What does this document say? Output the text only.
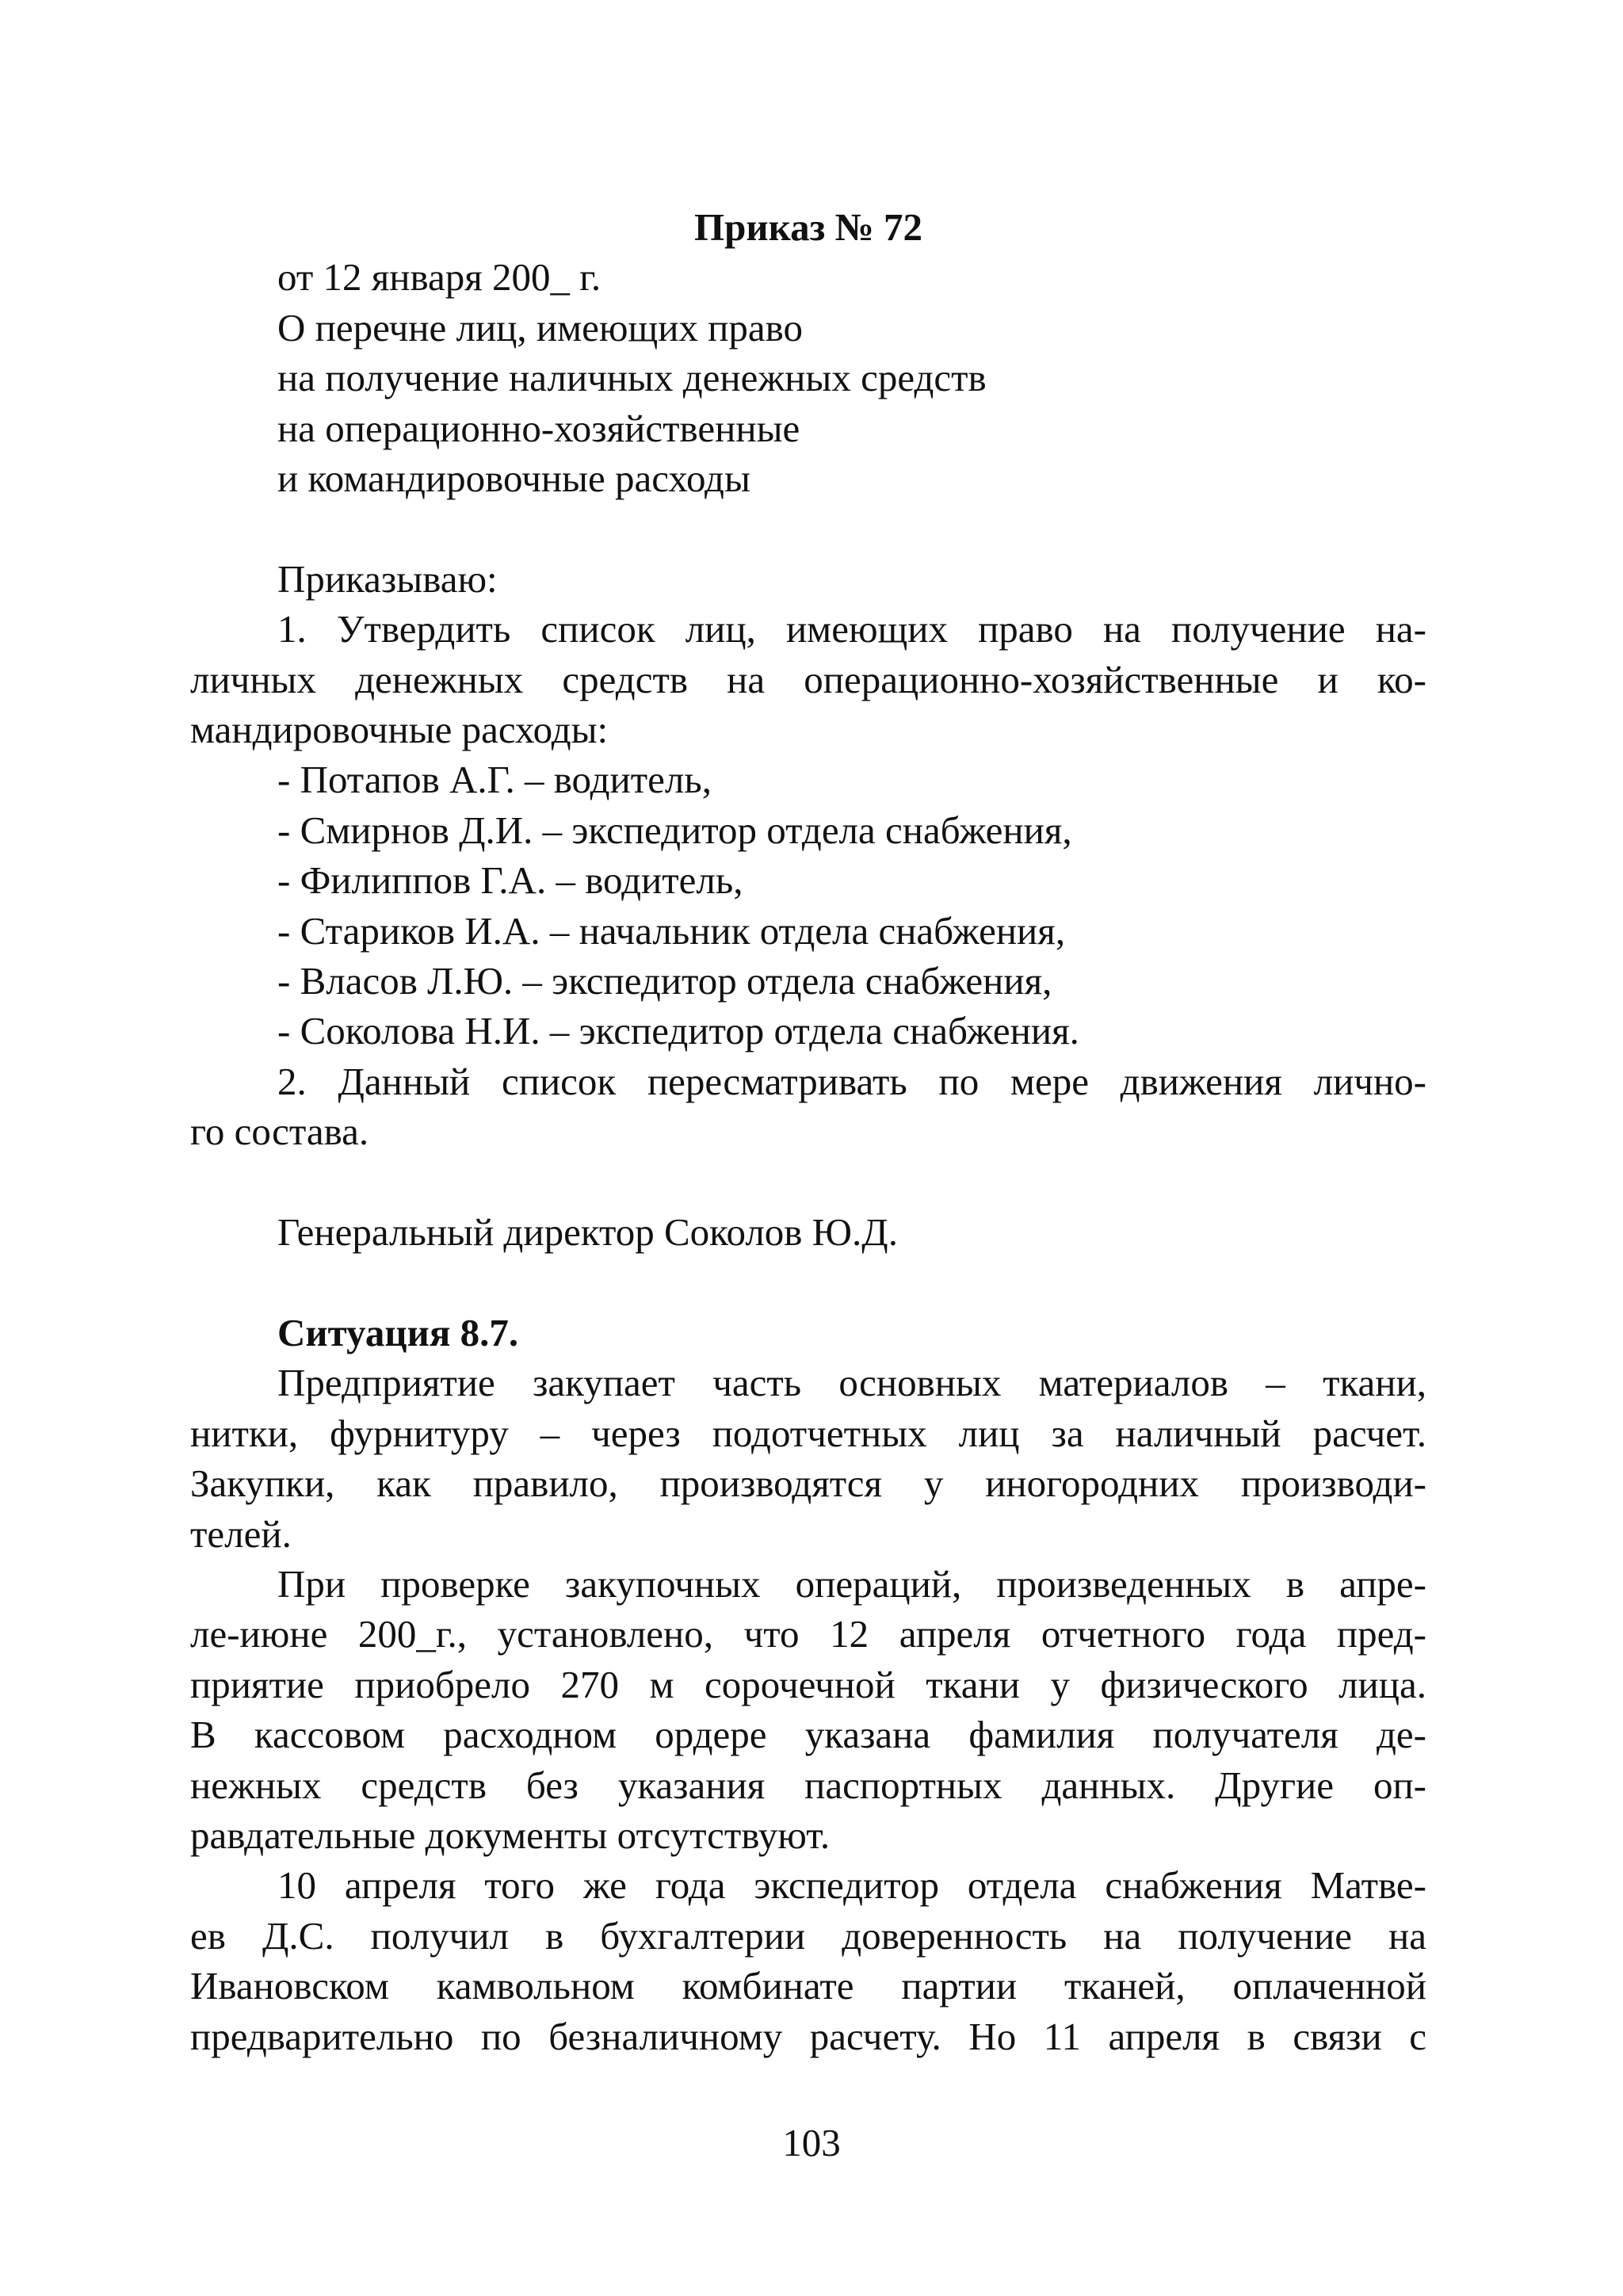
Приказ № 72

от 12 января 200_ г.

О перечне лиц, имеющих право

на получение наличных денежных средств

на операционно-хозяйственные

и командировочные расходы

Приказываю:

1. Утвердить список лиц, имеющих право на получение на-

личных денежных средств на операционно-хозяйственные и ко-

мандировочные расходы:

- Потапов А.Г. – водитель,

- Смирнов Д.И. – экспедитор отдела снабжения,

- Филиппов Г.А. – водитель,

- Стариков И.А. – начальник отдела снабжения,

- Власов Л.Ю. – экспедитор отдела снабжения,

- Соколова Н.И. – экспедитор отдела снабжения.

2. Данный список пересматривать по мере движения лично-

го состава.

Генеральный директор Соколов Ю.Д.

Ситуация 8.7.

Предприятие закупает часть основных материалов – ткани,

нитки, фурнитуру – через подотчетных лиц за наличный расчет.

Закупки, как правило, производятся у иногородних производи-

телей.

При проверке закупочных операций, произведенных в апре-

ле-июне 200_г., установлено, что 12 апреля отчетного года пред-

приятие приобрело 270 м сорочечной ткани у физического лица.

В кассовом расходном ордере указана фамилия получателя де-

нежных средств без указания паспортных данных. Другие оп-

равдательные документы отсутствуют.

10 апреля того же года экспедитор отдела снабжения Матве-

ев Д.С. получил в бухгалтерии доверенность на получение на

Ивановском камвольном комбинате партии тканей, оплаченной

предварительно по безналичному расчету. Но 11 апреля в связи с

103
